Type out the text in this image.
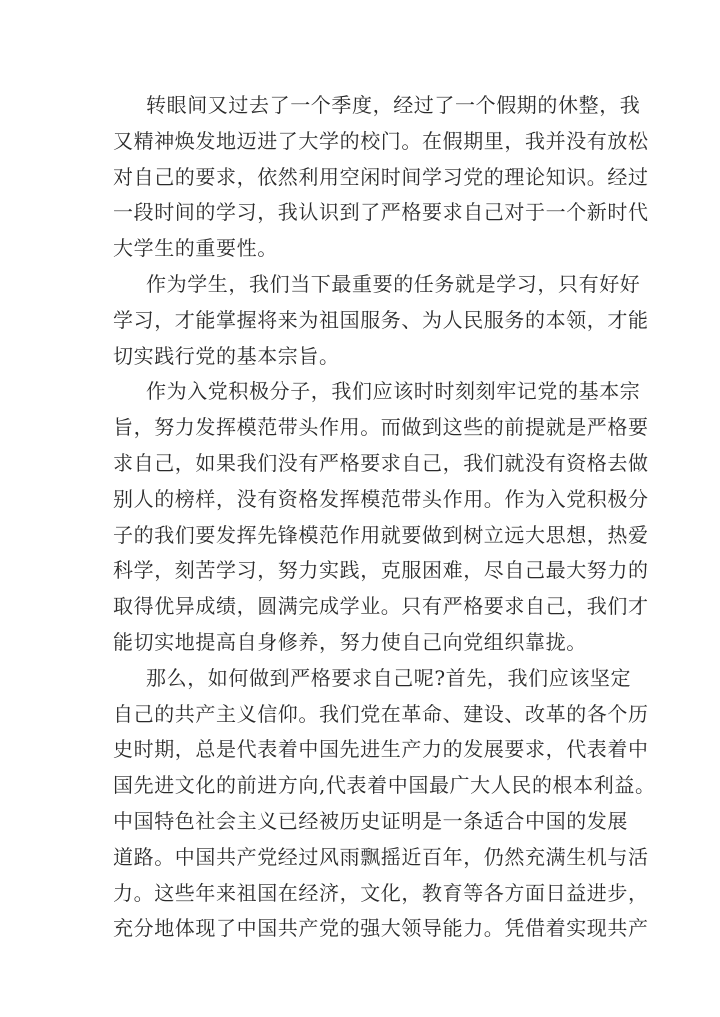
转眼间又过去了一个季度，经过了一个假期的休整，我
又精神焕发地迈进了大学的校门。在假期里，我并没有放松
对自己的要求，依然利用空闲时间学习党的理论知识。经过
一段时间的学习，我认识到了严格要求自己对于一个新时代
大学生的重要性。

作为学生，我们当下最重要的任务就是学习，只有好好
学习，才能掌握将来为祖国服务、为人民服务的本领，才能
切实践行党的基本宗旨。

作为入党积极分子，我们应该时时刻刻牢记党的基本宗
旨，努力发挥模范带头作用。而做到这些的前提就是严格要
求自己，如果我们没有严格要求自己，我们就没有资格去做
别人的榜样，没有资格发挥模范带头作用。作为入党积极分
子的我们要发挥先锋模范作用就要做到树立远大思想，热爱
科学，刻苦学习，努力实践，克服困难，尽自己最大努力的
取得优异成绩，圆满完成学业。只有严格要求自己，我们才
能切实地提高自身修养，努力使自己向党组织靠拢。

那么，如何做到严格要求自己呢?首先，我们应该坚定
自己的共产主义信仰。我们党在革命、建设、改革的各个历
史时期，总是代表着中国先进生产力的发展要求，代表着中
国先进文化的前进方向,代表着中国最广大人民的根本利益。
中国特色社会主义已经被历史证明是一条适合中国的发展
道路。中国共产党经过风雨飘摇近百年，仍然充满生机与活
力。这些年来祖国在经济，文化，教育等各方面日益进步，
充分地体现了中国共产党的强大领导能力。凭借着实现共产
